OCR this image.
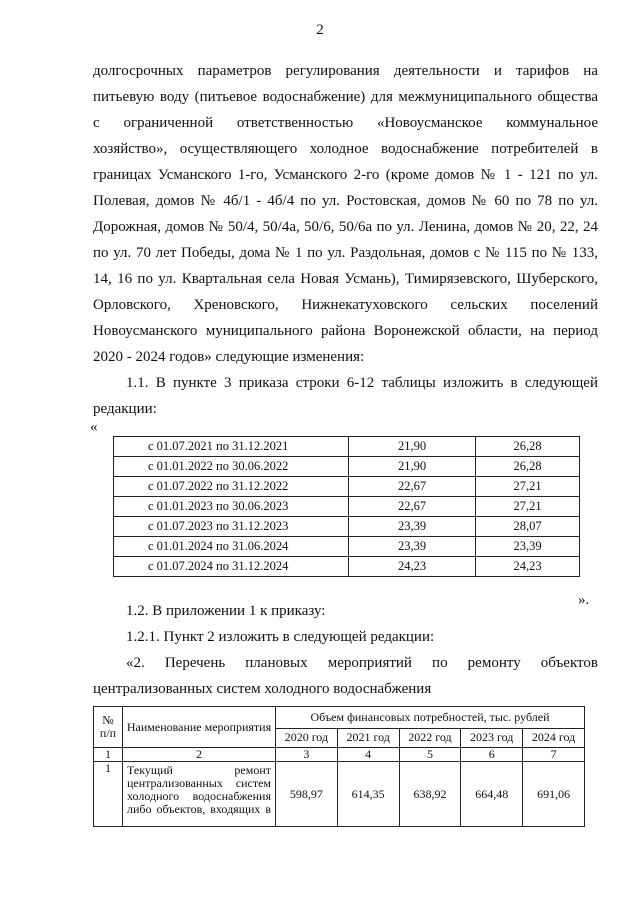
2
долгосрочных параметров регулирования деятельности и тарифов на
питьевую воду (питьевое водоснабжение) для межмуниципального общества
с ограниченной ответственностью «Новоусманское коммунальное
хозяйство», осуществляющего холодное водоснабжение потребителей в
границах Усманского 1-го, Усманского 2-го (кроме домов № 1 - 121 по ул.
Полевая, домов № 4б/1 - 4б/4 по ул. Ростовская, домов № 60 по 78 по ул.
Дорожная, домов № 50/4, 50/4а, 50/6, 50/6а по ул. Ленина, домов № 20, 22, 24
по ул. 70 лет Победы, дома № 1 по ул. Раздольная, домов с № 115 по № 133,
14, 16 по ул. Квартальная села Новая Усмань), Тимирязевского, Шуберского,
Орловского, Хреновского, Нижнекатуховского сельских поселений
Новоусманского муниципального района Воронежской области, на период
2020 - 2024 годов» следующие изменения:
1.1. В пункте 3 приказа строки 6-12 таблицы изложить в следующей
редакции:
«
с 01.07.2021 по 31.12.2021	21,90	26,28
с 01.01.2022 по 30.06.2022	21,90	26,28
с 01.07.2022 по 31.12.2022	22,67	27,21
с 01.01.2023 по 30.06.2023	22,67	27,21
с 01.07.2023 по 31.12.2023	23,39	28,07
с 01.01.2024 по 31.06.2024	23,39	23,39
с 01.07.2024 по 31.12.2024	24,23	24,23
».
1.2. В приложении 1 к приказу:
1.2.1. Пункт 2 изложить в следующей редакции:
«2. Перечень плановых мероприятий по ремонту объектов
централизованных систем холодного водоснабжения
№ п/п	Наименование мероприятия	Объем финансовых потребностей, тыс. рублей				
		2020 год	2021 год	2022 год	2023 год	2024 год
1	2	3	4	5	6	7
1	Текущий ремонт централизованных систем холодного водоснабжения либо объектов, входящих в	598,97	614,35	638,92	664,48	691,06
